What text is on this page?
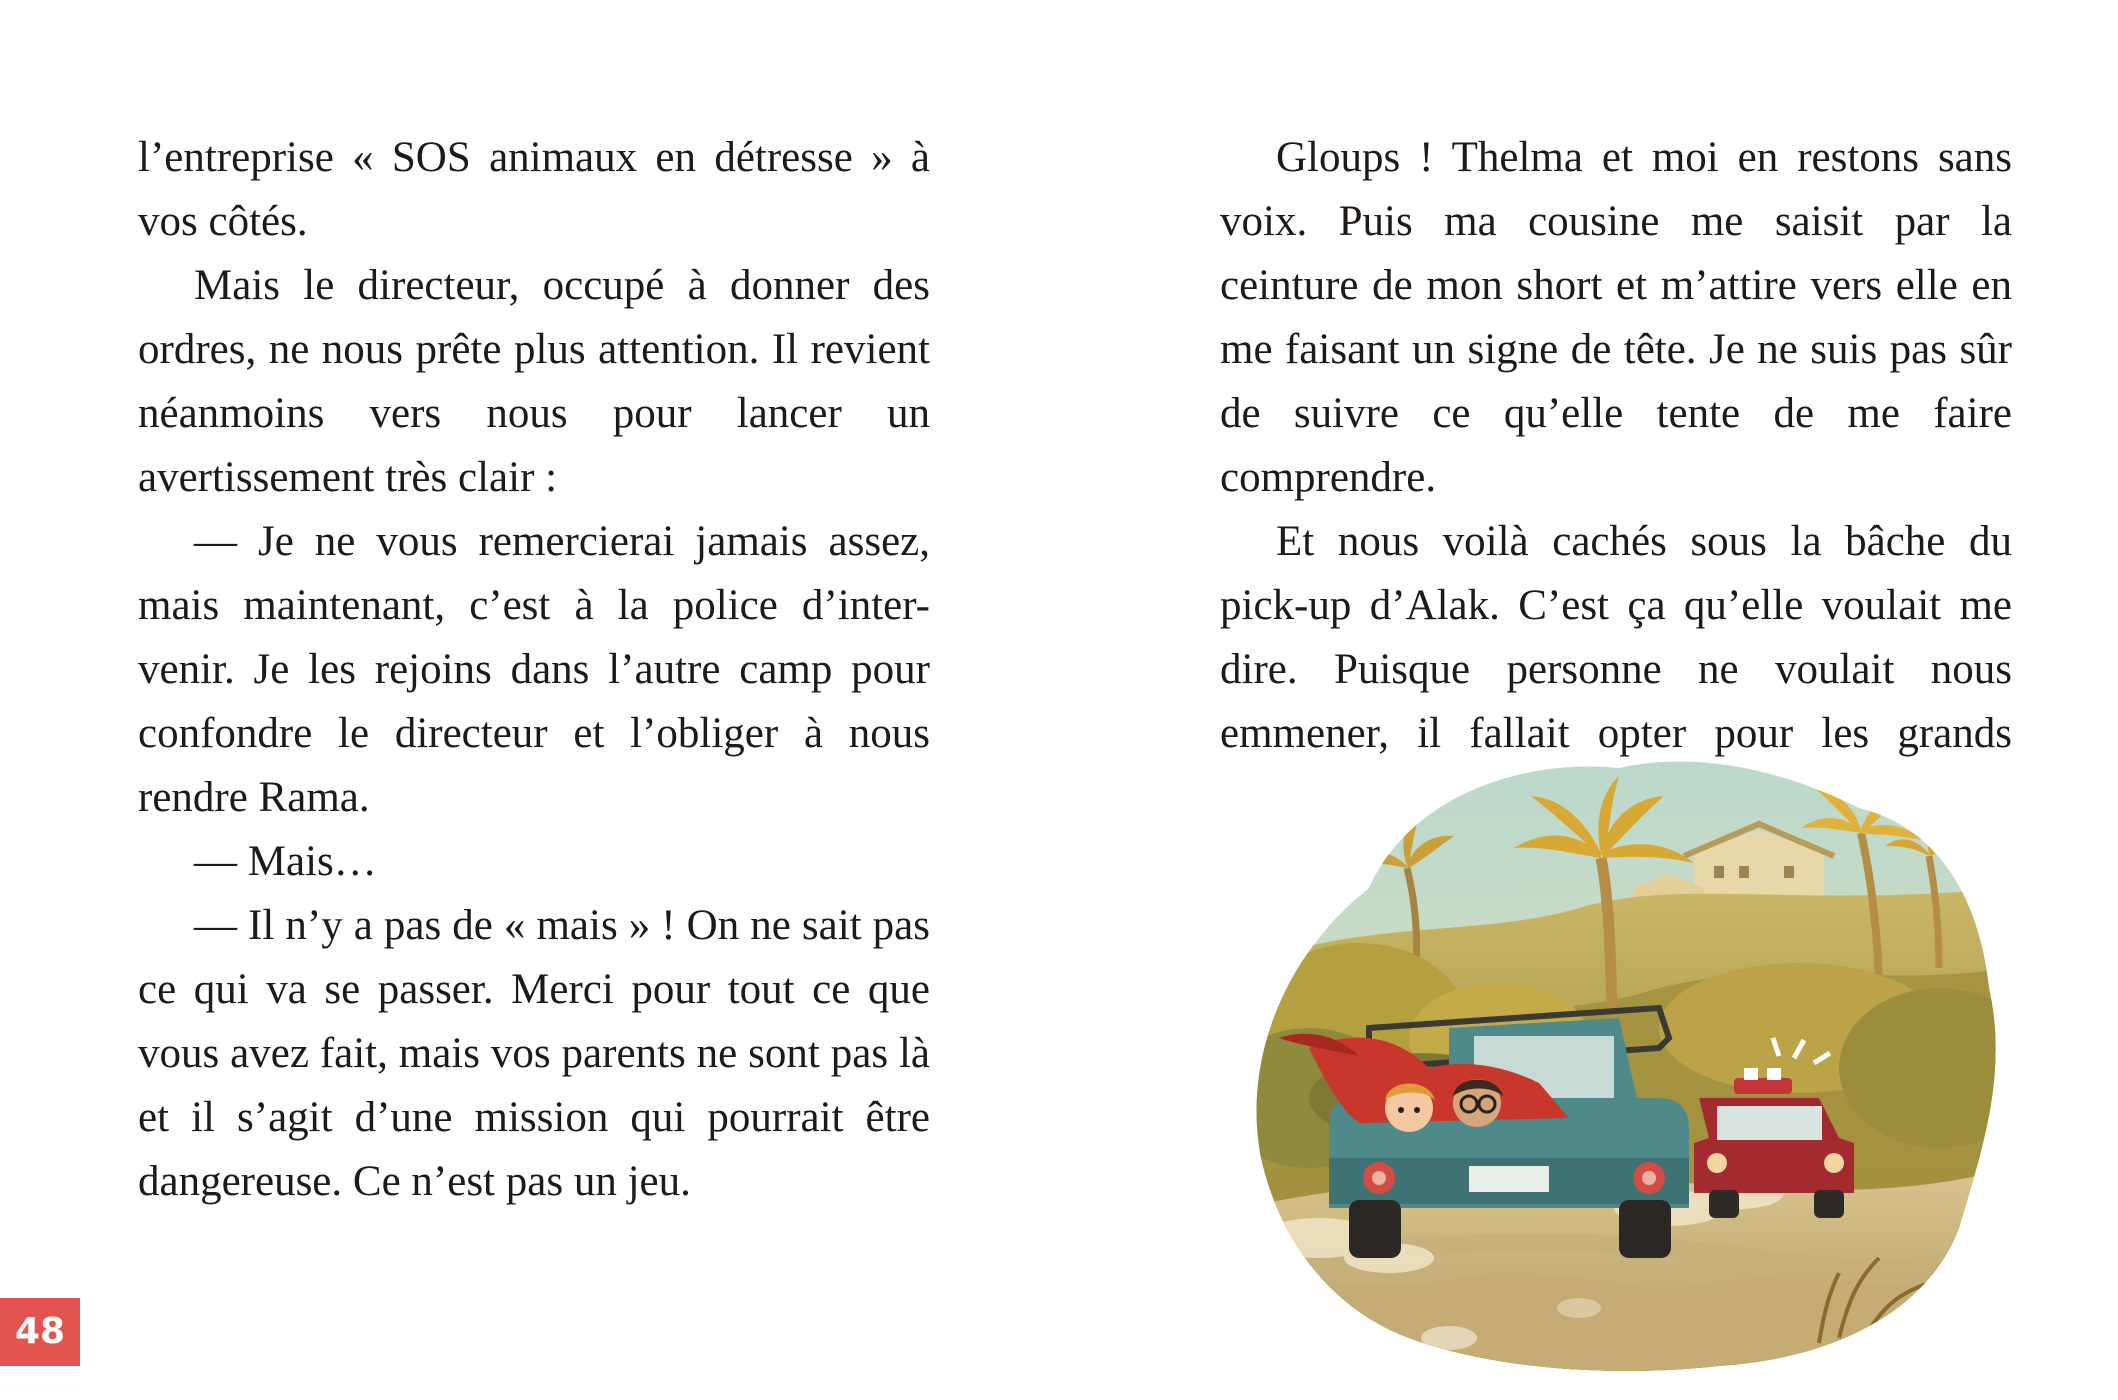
l’entreprise « SOS animaux en détresse » à vos côtés.

Mais le directeur, occupé à donner des ordres, ne nous prête plus attention. Il revient néanmoins vers nous pour lancer un avertissement très clair :

— Je ne vous remercierai jamais assez, mais maintenant, c’est à la police d’inter-venir. Je les rejoins dans l’autre camp pour confondre le directeur et l’obliger à nous rendre Rama.

— Mais…

— Il n’y a pas de « mais » ! On ne sait pas ce qui va se passer. Merci pour tout ce que vous avez fait, mais vos parents ne sont pas là et il s’agit d’une mission qui pourrait être dangereuse. Ce n’est pas un jeu.

48

Gloups ! Thelma et moi en restons sans voix. Puis ma cousine me saisit par la ceinture de mon short et m’attire vers elle en me faisant un signe de tête. Je ne suis pas sûr de suivre ce qu’elle tente de me faire comprendre.

Et nous voilà cachés sous la bâche du pick-up d’Alak. C’est ça qu’elle voulait me dire. Puisque personne ne voulait nous emmener, il fallait opter pour les grands
